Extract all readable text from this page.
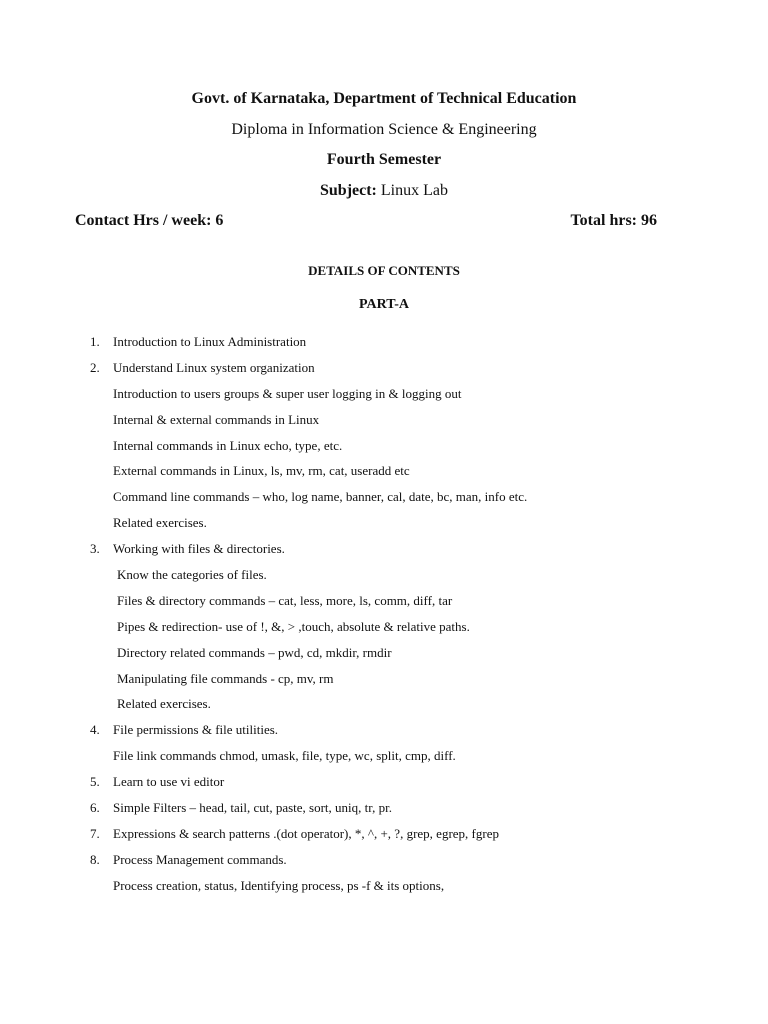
Govt. of Karnataka, Department of Technical Education
Diploma in Information Science & Engineering
Fourth Semester
Subject: Linux Lab
Contact Hrs / week: 6	Total hrs: 96
DETAILS OF CONTENTS
PART-A
1. Introduction to Linux Administration
2. Understand Linux system organization
Introduction to users groups & super user logging in & logging out
Internal & external commands in Linux
Internal commands in Linux echo, type, etc.
External commands in Linux, ls, mv, rm, cat, useradd etc
Command line commands – who, log name, banner, cal, date, bc, man, info etc.
Related exercises.
3. Working with files & directories.
Know the categories of files.
Files & directory commands – cat, less, more, ls, comm, diff, tar
Pipes & redirection- use of !, &, > ,touch, absolute & relative paths.
Directory related commands – pwd, cd, mkdir, rmdir
Manipulating file commands - cp, mv, rm
Related exercises.
4. File permissions & file utilities.
File link commands chmod, umask, file, type, wc, split, cmp, diff.
5. Learn to use vi editor
6. Simple Filters – head, tail, cut, paste, sort, uniq, tr, pr.
7. Expressions & search patterns .(dot operator), *, ^, +, ?, grep, egrep, fgrep
8. Process Management commands.
Process creation, status, Identifying process, ps -f & its options,
